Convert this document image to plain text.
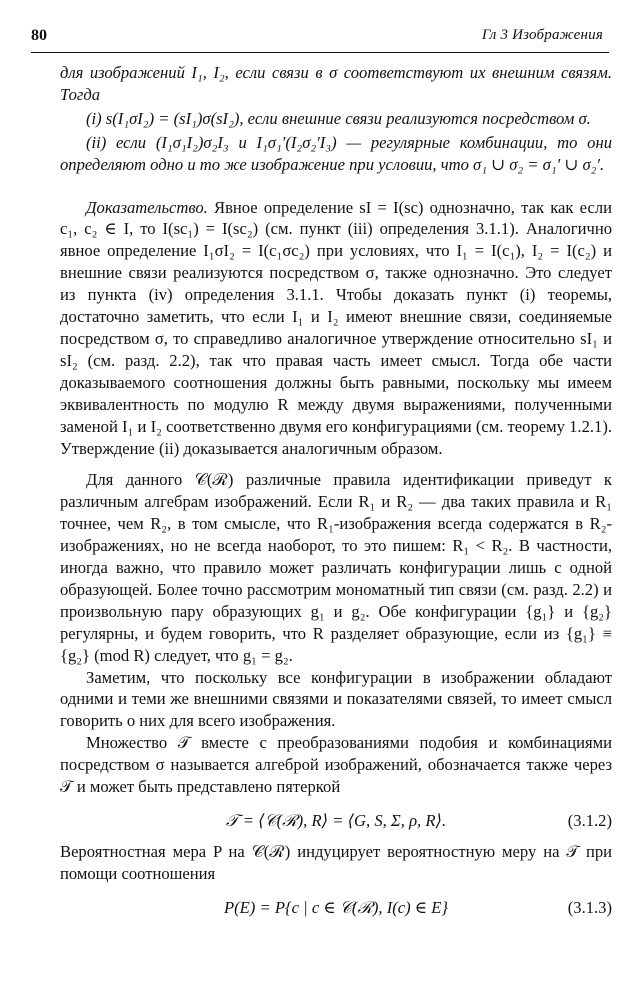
80	Гл 3 Изображения

для изображений I₁, I₂, если связи в σ соответствуют их внешним связям. Тогда

(i) s(I₁σI₂) = (sI₁)σ(sI₂), если внешние связи реализуются посредством σ.

(ii) если (I₁σ₁I₂)σ₂I₃ и I₁σ₁′(I₂σ₂′I₃) — регулярные комбинации, то они определяют одно и то же изображение при условии, что σ₁ ∪ σ₂ = σ₁′ ∪ σ₂′.

Доказательство. Явное определение sI = I(sc) однозначно, так как если c₁, c₂ ∈ I, то I(sc₁) = I(sc₂) (см. пункт (iii) определения 3.1.1). Аналогично явное определение I₁σI₂ = I(c₁σc₂) при условиях, что I₁ = I(c₁), I₂ = I(c₂) и внешние связи реализуются посредством σ, также однозначно. Это следует из пункта (iv) определения 3.1.1. Чтобы доказать пункт (i) теоремы, достаточно заметить, что если I₁ и I₂ имеют внешние связи, соединяемые посредством σ, то справедливо аналогичное утверждение относительно sI₁ и sI₂ (см. разд. 2.2), так что правая часть имеет смысл. Тогда обе части доказываемого соотношения должны быть равными, поскольку мы имеем эквивалентность по модулю R между двумя выражениями, полученными заменой I₁ и I₂ соответственно двумя его конфигурациями (см. теорему 1.2.1). Утверждение (ii) доказывается аналогичным образом.

Для данного 𝒞(ℛ) различные правила идентификации приведут к различным алгебрам изображений. Если R₁ и R₂ — два таких правила и R₁ точнее, чем R₂, в том смысле, что R₁-изображения всегда содержатся в R₂-изображениях, но не всегда наоборот, то это пишем: R₁ < R₂. В частности, иногда важно, что правило может различать конфигурации лишь с одной образующей. Более точно рассмотрим мономатный тип связи (см. разд. 2.2) и произвольную пару образующих g₁ и g₂. Обе конфигурации {g₁} и {g₂} регулярны, и будем говорить, что R разделяет образующие, если из {g₁} ≡ {g₂} (mod R) следует, что g₁ = g₂.

Заметим, что поскольку все конфигурации в изображении обладают одними и теми же внешними связями и показателями связей, то имеет смысл говорить о них для всего изображения.

Множество 𝒯 вместе с преобразованиями подобия и комбинациями посредством σ называется алгеброй изображений, обозначается также через 𝒯 и может быть представлено пятеркой

𝒯 = ⟨𝒞(ℛ), R⟩ = ⟨G, S, Σ, ρ, R⟩.	(3.1.2)

Вероятностная мера P на 𝒞(ℛ) индуцирует вероятностную меру на 𝒯 при помощи соотношения

P(E) = P{c | c ∈ 𝒞(ℛ), I(c) ∈ E}	(3.1.3)
